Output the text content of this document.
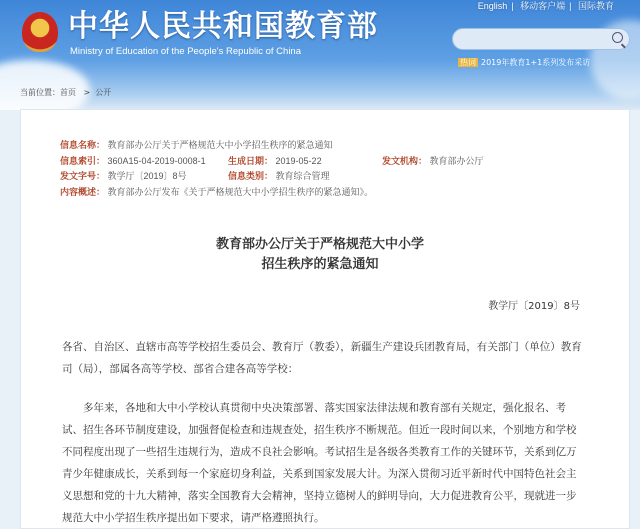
中华人民共和国教育部
Ministry of Education of the People's Republic of China
English | 移动客户端 | 国际教育
热词 2019年教育1+1系列发布采访
当前位置：首页 > 公开
信息名称： 教育部办公厅关于严格规范大中小学招生秩序的紧急通知
信息索引： 360A15-04-2019-0008-1 生成日期： 2019-05-22	发文机构： 教育部办公厅
发文字号： 教学厅〔2019〕8号	信息类别： 教育综合管理
内容概述： 教育部办公厅发布《关于严格规范大中小学招生秩序的紧急通知》。
教育部办公厅关于严格规范大中小学
招生秩序的紧急通知
教学厅〔2019〕8号
各省、自治区、直辖市高等学校招生委员会、教育厅（教委），新疆生产建设兵团教育局，有关部门（单位）教育司（局），部属各高等学校、部省合建各高等学校：
多年来，各地和大中小学校认真贯彻中央决策部署、落实国家法律法规和教育部有关规定，强化报名、考试、招生各环节制度建设，加强督促检查和违规查处，招生秩序不断规范。但近一段时间以来，个别地方和学校不同程度出现了一些招生违规行为，造成不良社会影响。考试招生是各级各类教育工作的关键环节，关系到亿万青少年健康成长，关系到每一个家庭切身利益，关系到国家发展大计。为深入贯彻习近平新时代中国特色社会主义思想和党的十九大精神，落实全国教育大会精神，坚持立德树人的鲜明导向，大力促进教育公平，现就进一步规范大中小学招生秩序提出如下要求，请严格遵照执行。
